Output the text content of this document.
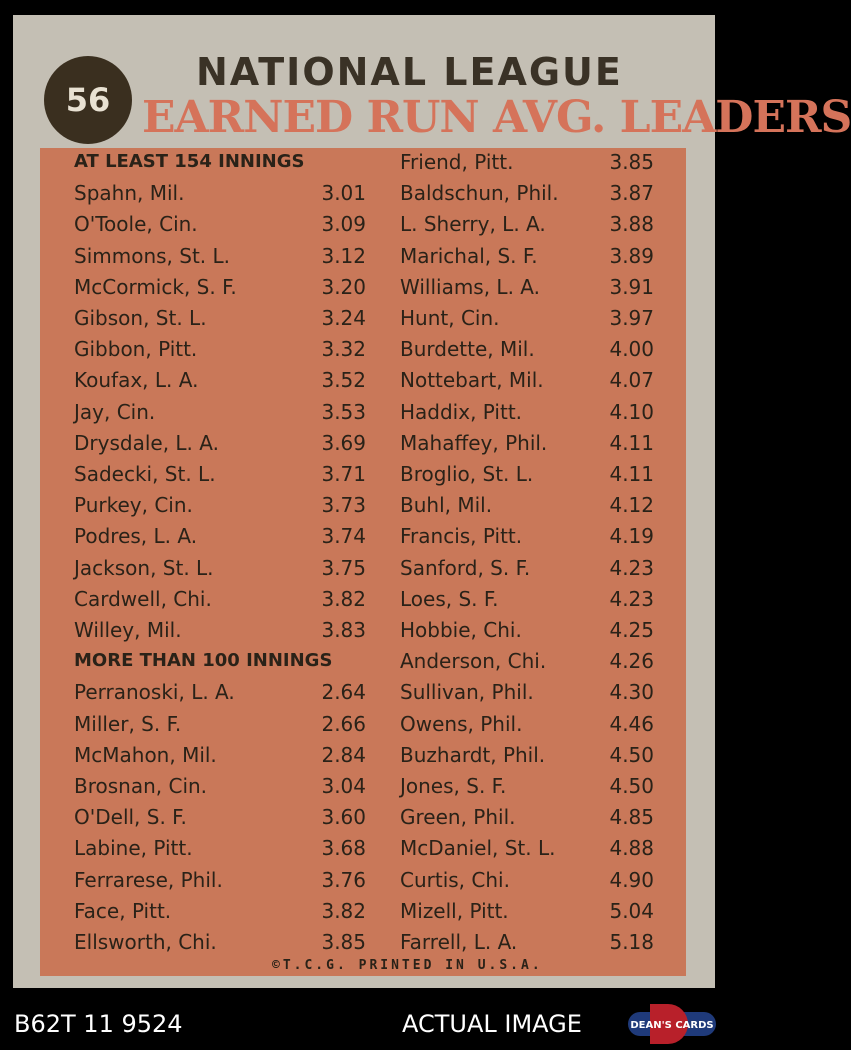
56
NATIONAL LEAGUE
EARNED RUN AVG. LEADERS
AT LEAST 154 INNINGS
Spahn, Mil.	3.01
O'Toole, Cin.	3.09
Simmons, St. L.	3.12
McCormick, S. F.	3.20
Gibson, St. L.	3.24
Gibbon, Pitt.	3.32
Koufax, L. A.	3.52
Jay, Cin.	3.53
Drysdale, L. A.	3.69
Sadecki, St. L.	3.71
Purkey, Cin.	3.73
Podres, L. A.	3.74
Jackson, St. L.	3.75
Cardwell, Chi.	3.82
Willey, Mil.	3.83
MORE THAN 100 INNINGS
Perranoski, L. A.	2.64
Miller, S. F.	2.66
McMahon, Mil.	2.84
Brosnan, Cin.	3.04
O'Dell, S. F.	3.60
Labine, Pitt.	3.68
Ferrarese, Phil.	3.76
Face, Pitt.	3.82
Ellsworth, Chi.	3.85
Friend, Pitt.	3.85
Baldschun, Phil.	3.87
L. Sherry, L. A.	3.88
Marichal, S. F.	3.89
Williams, L. A.	3.91
Hunt, Cin.	3.97
Burdette, Mil.	4.00
Nottebart, Mil.	4.07
Haddix, Pitt.	4.10
Mahaffey, Phil.	4.11
Broglio, St. L.	4.11
Buhl, Mil.	4.12
Francis, Pitt.	4.19
Sanford, S. F.	4.23
Loes, S. F.	4.23
Hobbie, Chi.	4.25
Anderson, Chi.	4.26
Sullivan, Phil.	4.30
Owens, Phil.	4.46
Buzhardt, Phil.	4.50
Jones, S. F.	4.50
Green, Phil.	4.85
McDaniel, St. L.	4.88
Curtis, Chi.	4.90
Mizell, Pitt.	5.04
Farrell, L. A.	5.18
©T.C.G. PRINTED IN U.S.A.
B62T 11 9524	ACTUAL IMAGE	DEAN'S CARDS
